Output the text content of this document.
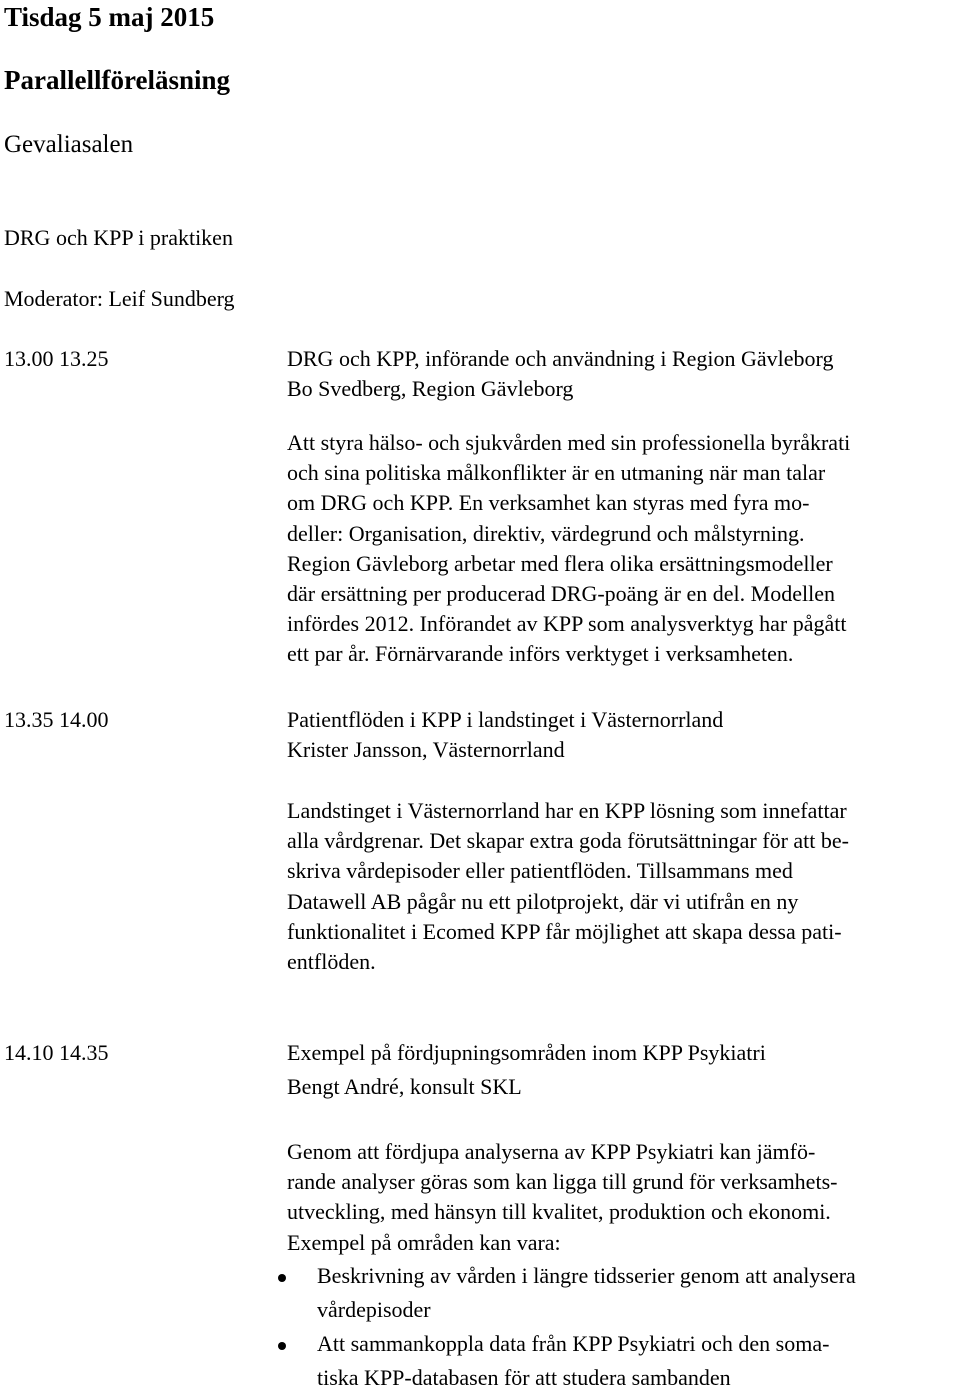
Tisdag 5 maj 2015
Parallellföreläsning
Gevaliasalen
DRG och KPP i praktiken
Moderator: Leif Sundberg
13.00 13.25	DRG och KPP, införande och användning i Region Gävleborg
Bo Svedberg, Region Gävleborg
Att styra hälso- och sjukvården med sin professionella byråkrati
och sina politiska målkonflikter är en utmaning när man talar
om DRG och KPP. En verksamhet kan styras med fyra mo-
deller: Organisation, direktiv, värdegrund och målstyrning.
Region Gävleborg arbetar med flera olika ersättningsmodeller
där ersättning per producerad DRG-poäng är en del. Modellen
infördes 2012. Införandet av KPP som analysverktyg har pågått
ett par år. Förnärvarande införs verktyget i verksamheten.
13.35 14.00	Patientflöden i KPP i landstinget i Västernorrland
Krister Jansson, Västernorrland
Landstinget i Västernorrland har en KPP lösning som innefattar
alla vårdgrenar. Det skapar extra goda förutsättningar för att be-
skriva vårdepisoder eller patientflöden. Tillsammans med
Datawell AB pågår nu ett pilotprojekt, där vi utifrån en ny
funktionalitet i Ecomed KPP får möjlighet att skapa dessa pati-
entflöden.
14.10 14.35	Exempel på fördjupningsområden inom KPP Psykiatri
Bengt André, konsult SKL
Genom att fördjupa analyserna av KPP Psykiatri kan jämfö-
rande analyser göras som kan ligga till grund för verksamhets-
utveckling, med hänsyn till kvalitet, produktion och ekonomi.
Exempel på områden kan vara:
Beskrivning av vården i längre tidsserier genom att analysera
vårdepisoder
Att sammankoppla data från KPP Psykiatri och den soma-
tiska KPP-databasen för att studera sambanden
